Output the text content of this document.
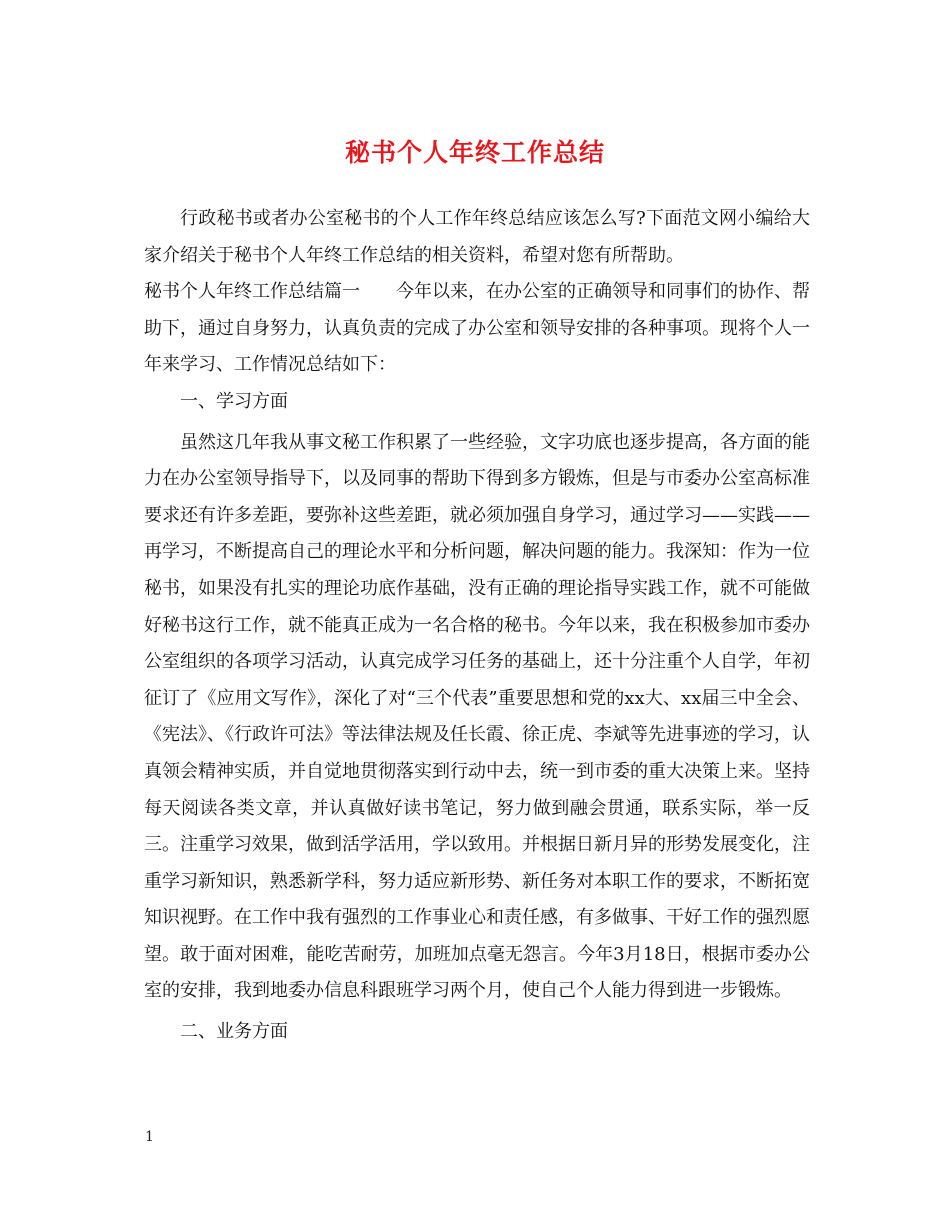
秘书个人年终工作总结

行政秘书或者办公室秘书的个人工作年终总结应该怎么写?下面范文网小编给大家介绍关于秘书个人年终工作总结的相关资料，希望对您有所帮助。

秘书个人年终工作总结篇一　　今年以来，在办公室的正确领导和同事们的协作、帮助下，通过自身努力，认真负责的完成了办公室和领导安排的各种事项。现将个人一年来学习、工作情况总结如下：

一、学习方面

虽然这几年我从事文秘工作积累了一些经验，文字功底也逐步提高，各方面的能力在办公室领导指导下，以及同事的帮助下得到多方锻炼，但是与市委办公室高标准要求还有许多差距，要弥补这些差距，就必须加强自身学习，通过学习——实践——再学习，不断提高自己的理论水平和分析问题，解决问题的能力。我深知：作为一位秘书，如果没有扎实的理论功底作基础，没有正确的理论指导实践工作，就不可能做好秘书这行工作，就不能真正成为一名合格的秘书。今年以来，我在积极参加市委办公室组织的各项学习活动，认真完成学习任务的基础上，还十分注重个人自学，年初征订了《应用文写作》，深化了对“三个代表”重要思想和党的xx大、xx届三中全会、《宪法》、《行政许可法》等法律法规及任长霞、徐正虎、李斌等先进事迹的学习，认真领会精神实质，并自觉地贯彻落实到行动中去，统一到市委的重大决策上来。坚持每天阅读各类文章，并认真做好读书笔记，努力做到融会贯通，联系实际，举一反三。注重学习效果，做到活学活用，学以致用。并根据日新月异的形势发展变化，注重学习新知识，熟悉新学科，努力适应新形势、新任务对本职工作的要求，不断拓宽知识视野。在工作中我有强烈的工作事业心和责任感，有多做事、干好工作的强烈愿望。敢于面对困难，能吃苦耐劳，加班加点毫无怨言。今年3月18日，根据市委办公室的安排，我到地委办信息科跟班学习两个月，使自己个人能力得到进一步锻炼。

二、业务方面

1
